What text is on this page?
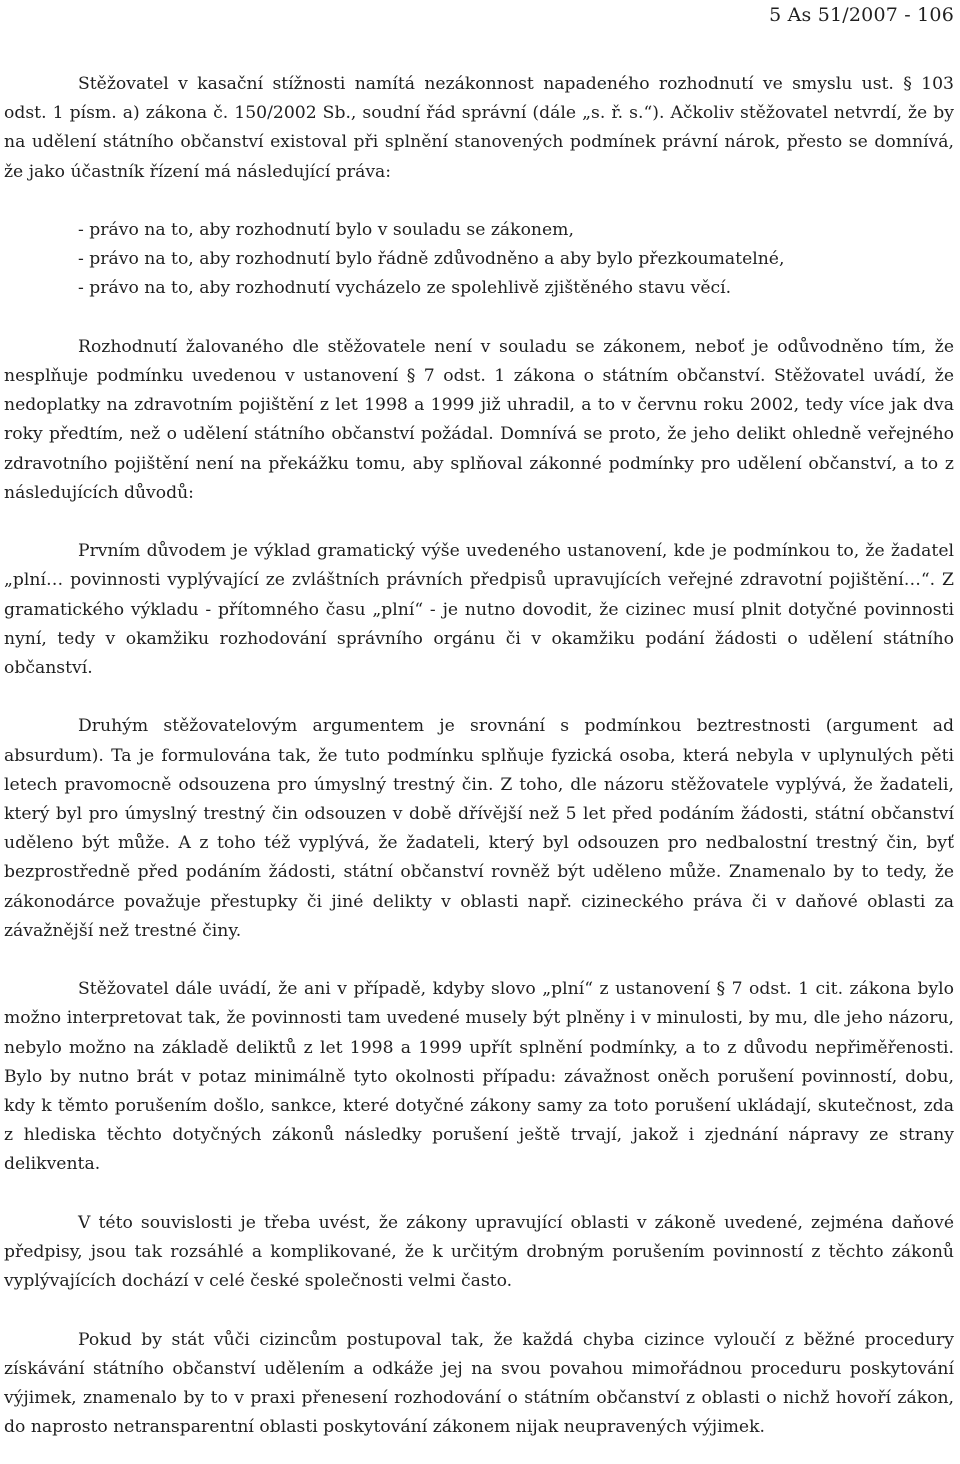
5 As 51/2007 - 106

Stěžovatel v kasační stížnosti namítá nezákonnost napadeného rozhodnutí ve smyslu ust. § 103 odst. 1 písm. a) zákona č. 150/2002 Sb., soudní řád správní (dále „s. ř. s.“). Ačkoliv stěžovatel netvrdí, že by na udělení státního občanství existoval při splnění stanovených podmínek právní nárok, přesto se domnívá, že jako účastník řízení má následující práva:

- právo na to, aby rozhodnutí bylo v souladu se zákonem,
- právo na to, aby rozhodnutí bylo řádně zdůvodněno a aby bylo přezkoumatelné,
- právo na to, aby rozhodnutí vycházelo ze spolehlivě zjištěného stavu věcí.

Rozhodnutí žalovaného dle stěžovatele není v souladu se zákonem, neboť je odůvodněno tím, že nesplňuje podmínku uvedenou v ustanovení § 7 odst. 1 zákona o státním občanství. Stěžovatel uvádí, že nedoplatky na zdravotním pojištění z let 1998 a 1999 již uhradil, a to v červnu roku 2002, tedy více jak dva roky předtím, než o udělení státního občanství požádal. Domnívá se proto, že jeho delikt ohledně veřejného zdravotního pojištění není na překážku tomu, aby splňoval zákonné podmínky pro udělení občanství, a to z následujících důvodů:

Prvním důvodem je výklad gramatický výše uvedeného ustanovení, kde je podmínkou to, že žadatel „plní… povinnosti vyplývající ze zvláštních právních předpisů upravujících veřejné zdravotní pojištění…“. Z gramatického výkladu - přítomného času „plní“ - je nutno dovodit, že cizinec musí plnit dotyčné povinnosti nyní, tedy v okamžiku rozhodování správního orgánu či v okamžiku podání žádosti o udělení státního občanství.

Druhým stěžovatelovým argumentem je srovnání s podmínkou beztrestnosti (argument ad absurdum). Ta je formulována tak, že tuto podmínku splňuje fyzická osoba, která nebyla v uplynulých pěti letech pravomocně odsouzena pro úmyslný trestný čin. Z toho, dle názoru stěžovatele vyplývá, že žadateli, který byl pro úmyslný trestný čin odsouzen v době dřívější než 5 let před podáním žádosti, státní občanství uděleno být může. A z toho též vyplývá, že žadateli, který byl odsouzen pro nedbalostní trestný čin, byť bezprostředně před podáním žádosti, státní občanství rovněž být uděleno může. Znamenalo by to tedy, že zákonodárce považuje přestupky či jiné delikty v oblasti např. cizineckého práva či v daňové oblasti za závažnější než trestné činy.

Stěžovatel dále uvádí, že ani v případě, kdyby slovo „plní“ z ustanovení § 7 odst. 1 cit. zákona bylo možno interpretovat tak, že povinnosti tam uvedené musely být plněny i v minulosti, by mu, dle jeho názoru, nebylo možno na základě deliktů z let 1998 a 1999 upřít splnění podmínky, a to z důvodu nepřiměřenosti. Bylo by nutno brát v potaz minimálně tyto okolnosti případu: závažnost oněch porušení povinností, dobu, kdy k těmto porušením došlo, sankce, které dotyčné zákony samy za toto porušení ukládají, skutečnost, zda z hlediska těchto dotyčných zákonů následky porušení ještě trvají, jakož i zjednání nápravy ze strany delikventa.

V této souvislosti je třeba uvést, že zákony upravující oblasti v zákoně uvedené, zejména daňové předpisy, jsou tak rozsáhlé a komplikované, že k určitým drobným porušením povinností z těchto zákonů vyplývajících dochází v celé české společnosti velmi často.

Pokud by stát vůči cizincům postupoval tak, že každá chyba cizince vyloučí z běžné procedury získávání státního občanství udělením a odkáže jej na svou povahou mimořádnou proceduru poskytování výjimek, znamenalo by to v praxi přenesení rozhodování o státním občanství z oblasti o nichž hovoří zákon, do naprosto netransparentní oblasti poskytování zákonem nijak neupravených výjimek.
